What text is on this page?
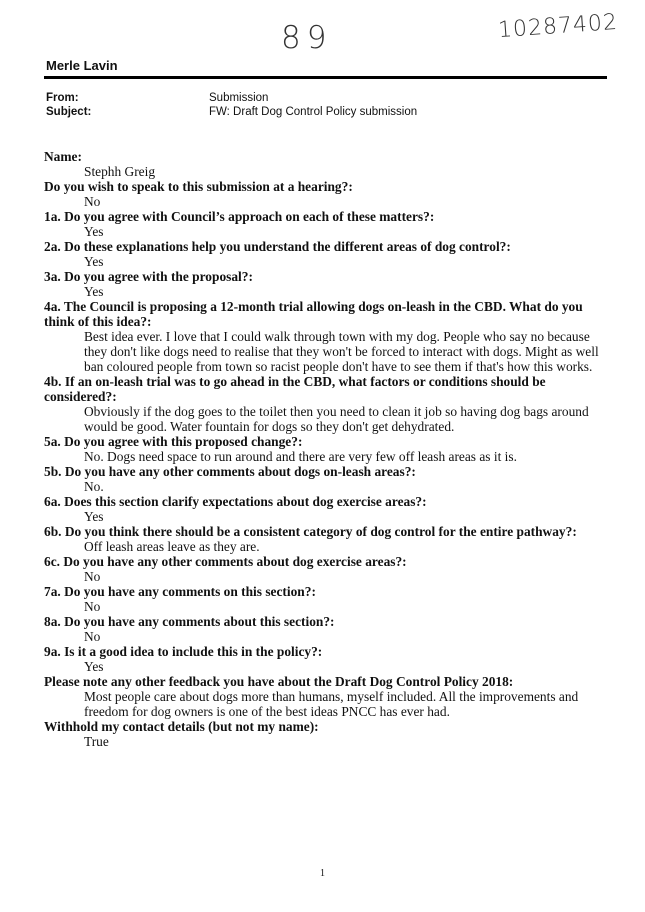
89	10287402
Merle Lavin
From:	Submission
Subject:	FW: Draft Dog Control Policy submission
Name:
Stephh Greig
Do you wish to speak to this submission at a hearing?:
No
1a. Do you agree with Council’s approach on each of these matters?:
Yes
2a. Do these explanations help you understand the different areas of dog control?:
Yes
3a. Do you agree with the proposal?:
Yes
4a. The Council is proposing a 12-month trial allowing dogs on-leash in the CBD. What do you think of this idea?:
Best idea ever. I love that I could walk through town with my dog. People who say no because they don't like dogs need to realise that they won't be forced to interact with dogs. Might as well ban coloured people from town so racist people don't have to see them if that's how this works.
4b. If an on-leash trial was to go ahead in the CBD, what factors or conditions should be considered?:
Obviously if the dog goes to the toilet then you need to clean it job so having dog bags around would be good. Water fountain for dogs so they don't get dehydrated.
5a. Do you agree with this proposed change?:
No. Dogs need space to run around and there are very few off leash areas as it is.
5b. Do you have any other comments about dogs on-leash areas?:
No.
6a. Does this section clarify expectations about dog exercise areas?:
Yes
6b. Do you think there should be a consistent category of dog control for the entire pathway?:
Off leash areas leave as they are.
6c. Do you have any other comments about dog exercise areas?:
No
7a. Do you have any comments on this section?:
No
8a. Do you have any comments about this section?:
No
9a. Is it a good idea to include this in the policy?:
Yes
Please note any other feedback you have about the Draft Dog Control Policy 2018:
Most people care about dogs more than humans, myself included. All the improvements and freedom for dog owners is one of the best ideas PNCC has ever had.
Withhold my contact details (but not my name):
True
1
